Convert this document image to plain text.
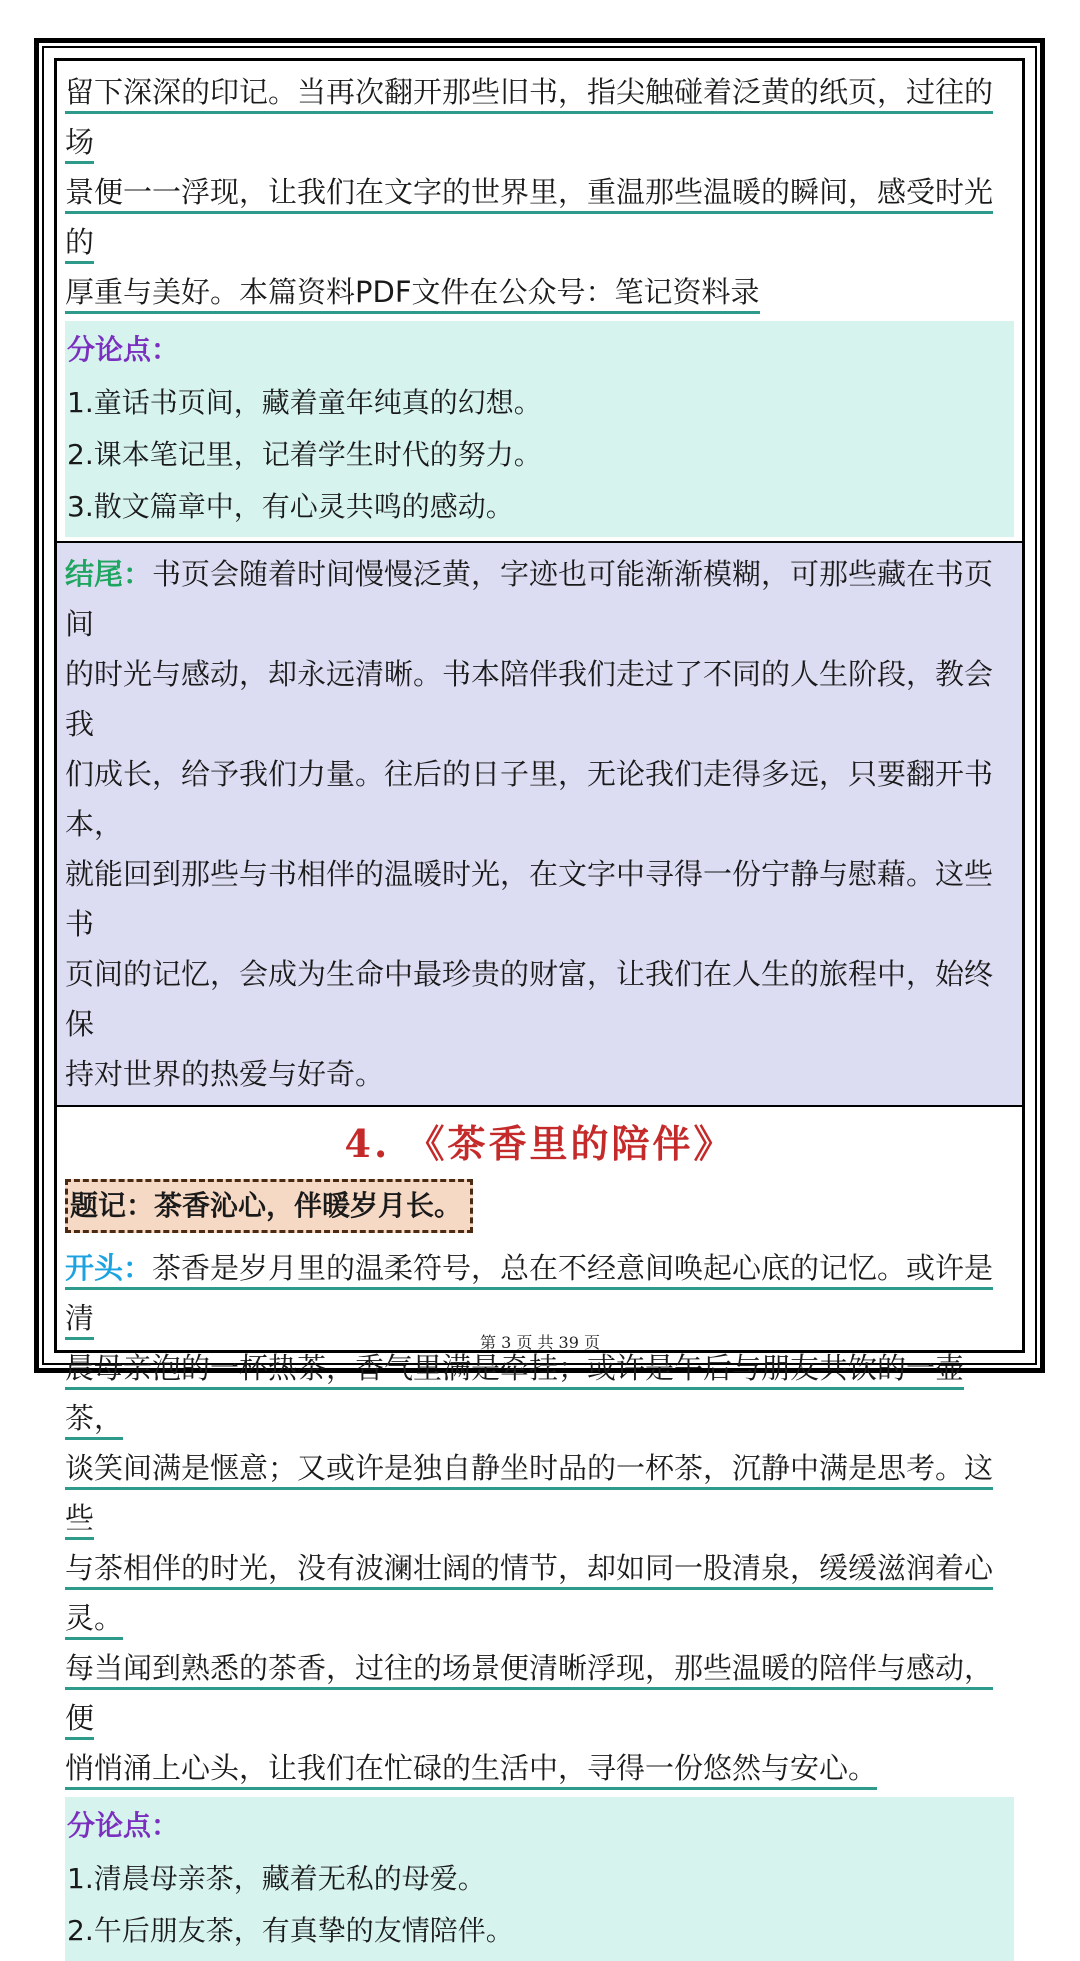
留下深深的印记。当再次翻开那些旧书，指尖触碰着泛黄的纸页，过往的场
景便一一浮现，让我们在文字的世界里，重温那些温暖的瞬间，感受时光的
厚重与美好。本篇资料PDF文件在公众号：笔记资料录
分论点：
1.童话书页间，藏着童年纯真的幻想。
2.课本笔记里，记着学生时代的努力。
3.散文篇章中，有心灵共鸣的感动。
结尾：书页会随着时间慢慢泛黄，字迹也可能渐渐模糊，可那些藏在书页间
的时光与感动，却永远清晰。书本陪伴我们走过了不同的人生阶段，教会我
们成长，给予我们力量。往后的日子里，无论我们走得多远，只要翻开书本，
就能回到那些与书相伴的温暖时光，在文字中寻得一份宁静与慰藉。这些书
页间的记忆，会成为生命中最珍贵的财富，让我们在人生的旅程中，始终保
持对世界的热爱与好奇。
4. 《茶香里的陪伴》
题记：茶香沁心，伴暖岁月长。
开头：茶香是岁月里的温柔符号，总在不经意间唤起心底的记忆。或许是清
晨母亲泡的一杯热茶，香气里满是牵挂；或许是午后与朋友共饮的一壶茶，
谈笑间满是惬意；又或许是独自静坐时品的一杯茶，沉静中满是思考。这些
与茶相伴的时光，没有波澜壮阔的情节，却如同一股清泉，缓缓滋润着心灵。
每当闻到熟悉的茶香，过往的场景便清晰浮现，那些温暖的陪伴与感动，便
悄悄涌上心头，让我们在忙碌的生活中，寻得一份悠然与安心。
分论点：
1.清晨母亲茶，藏着无私的母爱。
2.午后朋友茶，有真挚的友情陪伴。
第 3 页 共 39 页
